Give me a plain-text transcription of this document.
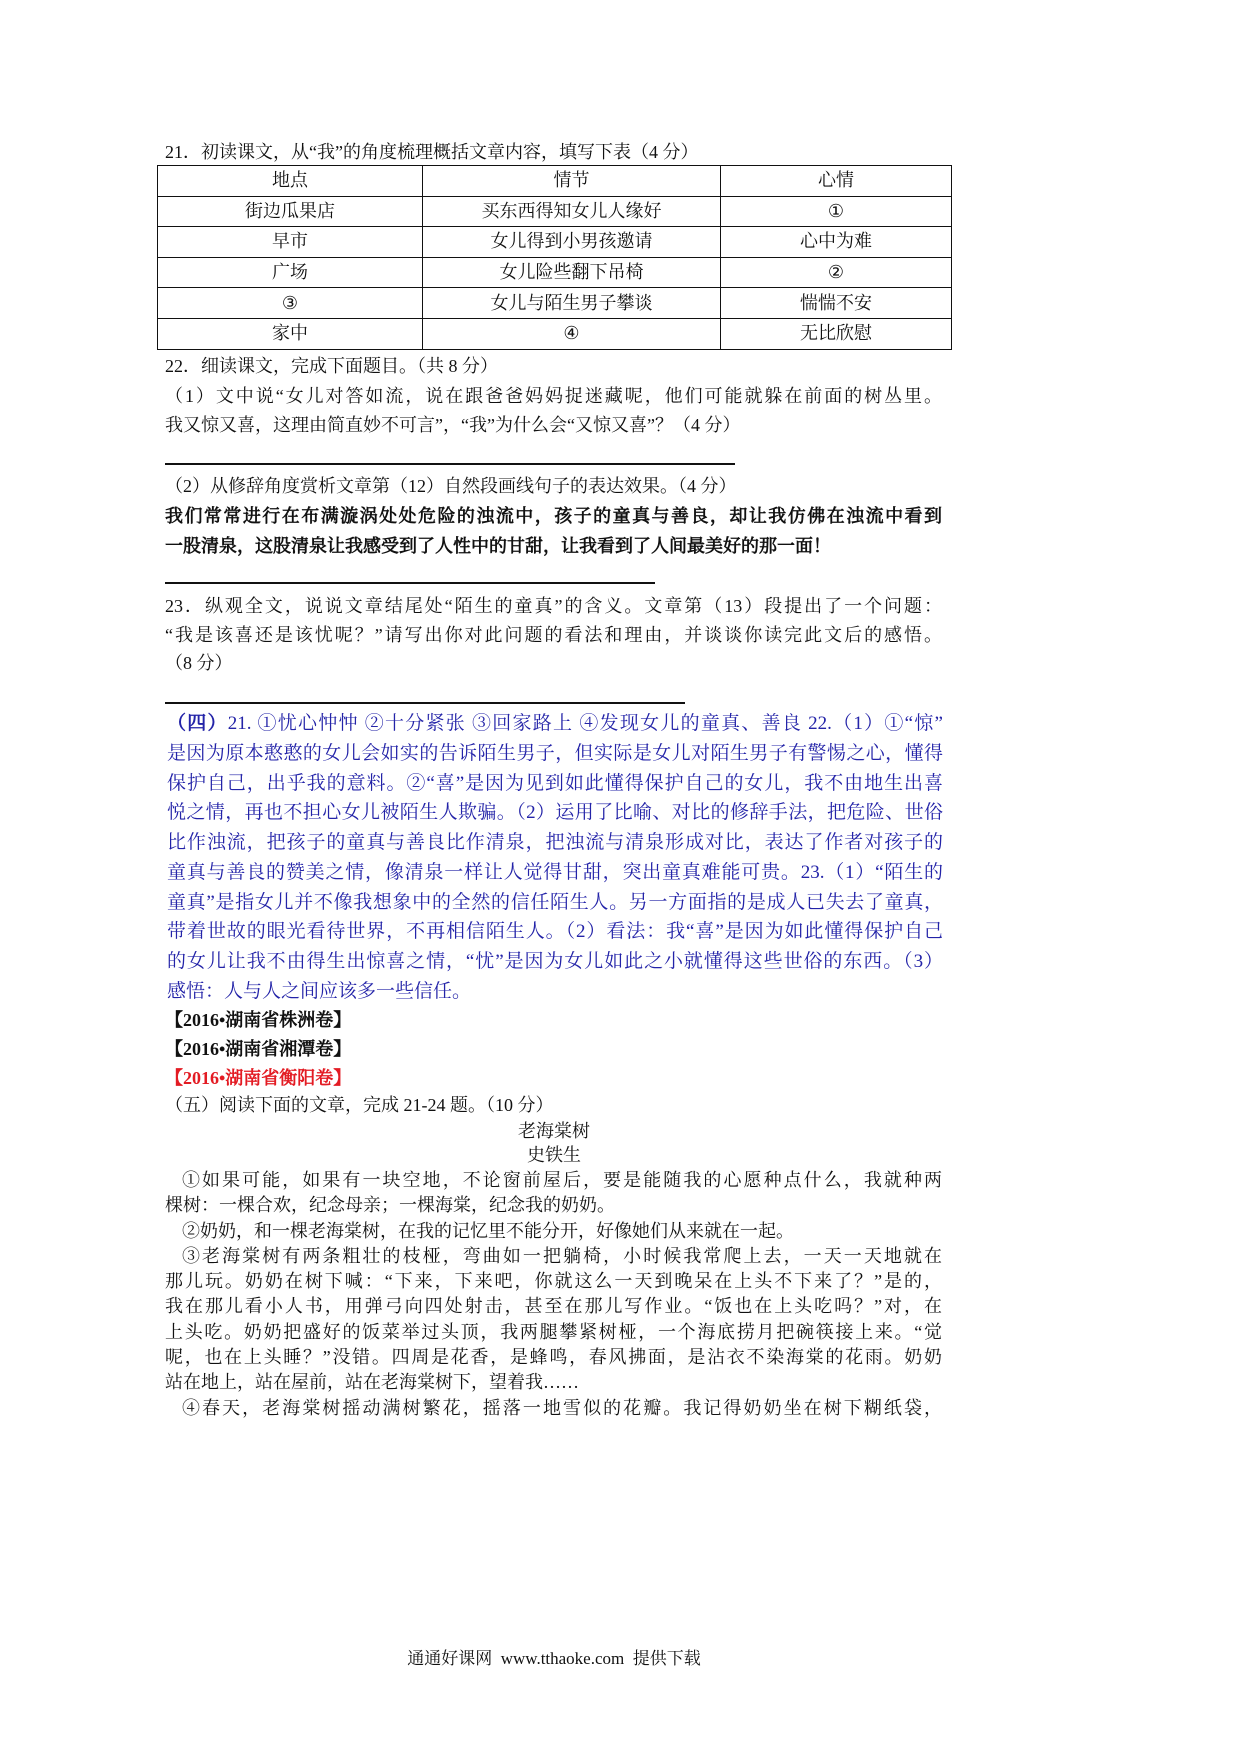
21．初读课文，从“我”的角度梳理概括文章内容，填写下表（4 分）
地点	情节	心情
街边瓜果店	买东西得知女儿人缘好	①
早市	女儿得到小男孩邀请	心中为难
广场	女儿险些翻下吊椅	②
③	女儿与陌生男子攀谈	惴惴不安
家中	④	无比欣慰
22．细读课文，完成下面题目。（共 8 分）
（1）文中说“女儿对答如流，说在跟爸爸妈妈捉迷藏呢，他们可能就躲在前面的树丛里。
我又惊又喜，这理由简直妙不可言”，“我”为什么会“又惊又喜”？（4 分）
（2）从修辞角度赏析文章第（12）自然段画线句子的表达效果。（4 分）
我们常常进行在布满漩涡处处危险的浊流中，孩子的童真与善良，却让我仿佛在浊流中看到
一股清泉，这股清泉让我感受到了人性中的甘甜，让我看到了人间最美好的那一面！
23．纵观全文，说说文章结尾处“陌生的童真”的含义。文章第（13）段提出了一个问题：
“我是该喜还是该忧呢？”请写出你对此问题的看法和理由，并谈谈你读完此文后的感悟。
（8 分）
（四）21. ①忧心忡忡 ②十分紧张 ③回家路上 ④发现女儿的童真、善良 22.（1）①“惊”
是因为原本憨憨的女儿会如实的告诉陌生男子，但实际是女儿对陌生男子有警惕之心，懂得
保护自己，出乎我的意料。②“喜”是因为见到如此懂得保护自己的女儿，我不由地生出喜
悦之情，再也不担心女儿被陌生人欺骗。（2）运用了比喻、对比的修辞手法，把危险、世俗
比作浊流，把孩子的童真与善良比作清泉，把浊流与清泉形成对比，表达了作者对孩子的
童真与善良的赞美之情，像清泉一样让人觉得甘甜，突出童真难能可贵。23.（1）“陌生的
童真”是指女儿并不像我想象中的全然的信任陌生人。另一方面指的是成人已失去了童真，
带着世故的眼光看待世界，不再相信陌生人。（2）看法：我“喜”是因为如此懂得保护自己
的女儿让我不由得生出惊喜之情，“忧”是因为女儿如此之小就懂得这些世俗的东西。（3）
感悟：人与人之间应该多一些信任。
【2016•湖南省株洲卷】
【2016•湖南省湘潭卷】
【2016•湖南省衡阳卷】
（五）阅读下面的文章，完成 21-24 题。（10 分）
老海棠树
史铁生
①如果可能，如果有一块空地，不论窗前屋后，要是能随我的心愿种点什么，我就种两
棵树：一棵合欢，纪念母亲；一棵海棠，纪念我的奶奶。
②奶奶，和一棵老海棠树，在我的记忆里不能分开，好像她们从来就在一起。
③老海棠树有两条粗壮的枝桠，弯曲如一把躺椅，小时候我常爬上去，一天一天地就在
那儿玩。奶奶在树下喊：“下来，下来吧，你就这么一天到晚呆在上头不下来了？”是的，
我在那儿看小人书，用弹弓向四处射击，甚至在那儿写作业。“饭也在上头吃吗？”对，在
上头吃。奶奶把盛好的饭菜举过头顶，我两腿攀紧树桠，一个海底捞月把碗筷接上来。“觉
呢，也在上头睡？”没错。四周是花香，是蜂鸣，春风拂面，是沾衣不染海棠的花雨。奶奶
站在地上，站在屋前，站在老海棠树下，望着我……
④春天，老海棠树摇动满树繁花，摇落一地雪似的花瓣。我记得奶奶坐在树下糊纸袋，
通通好课网  www.tthaoke.com  提供下载
